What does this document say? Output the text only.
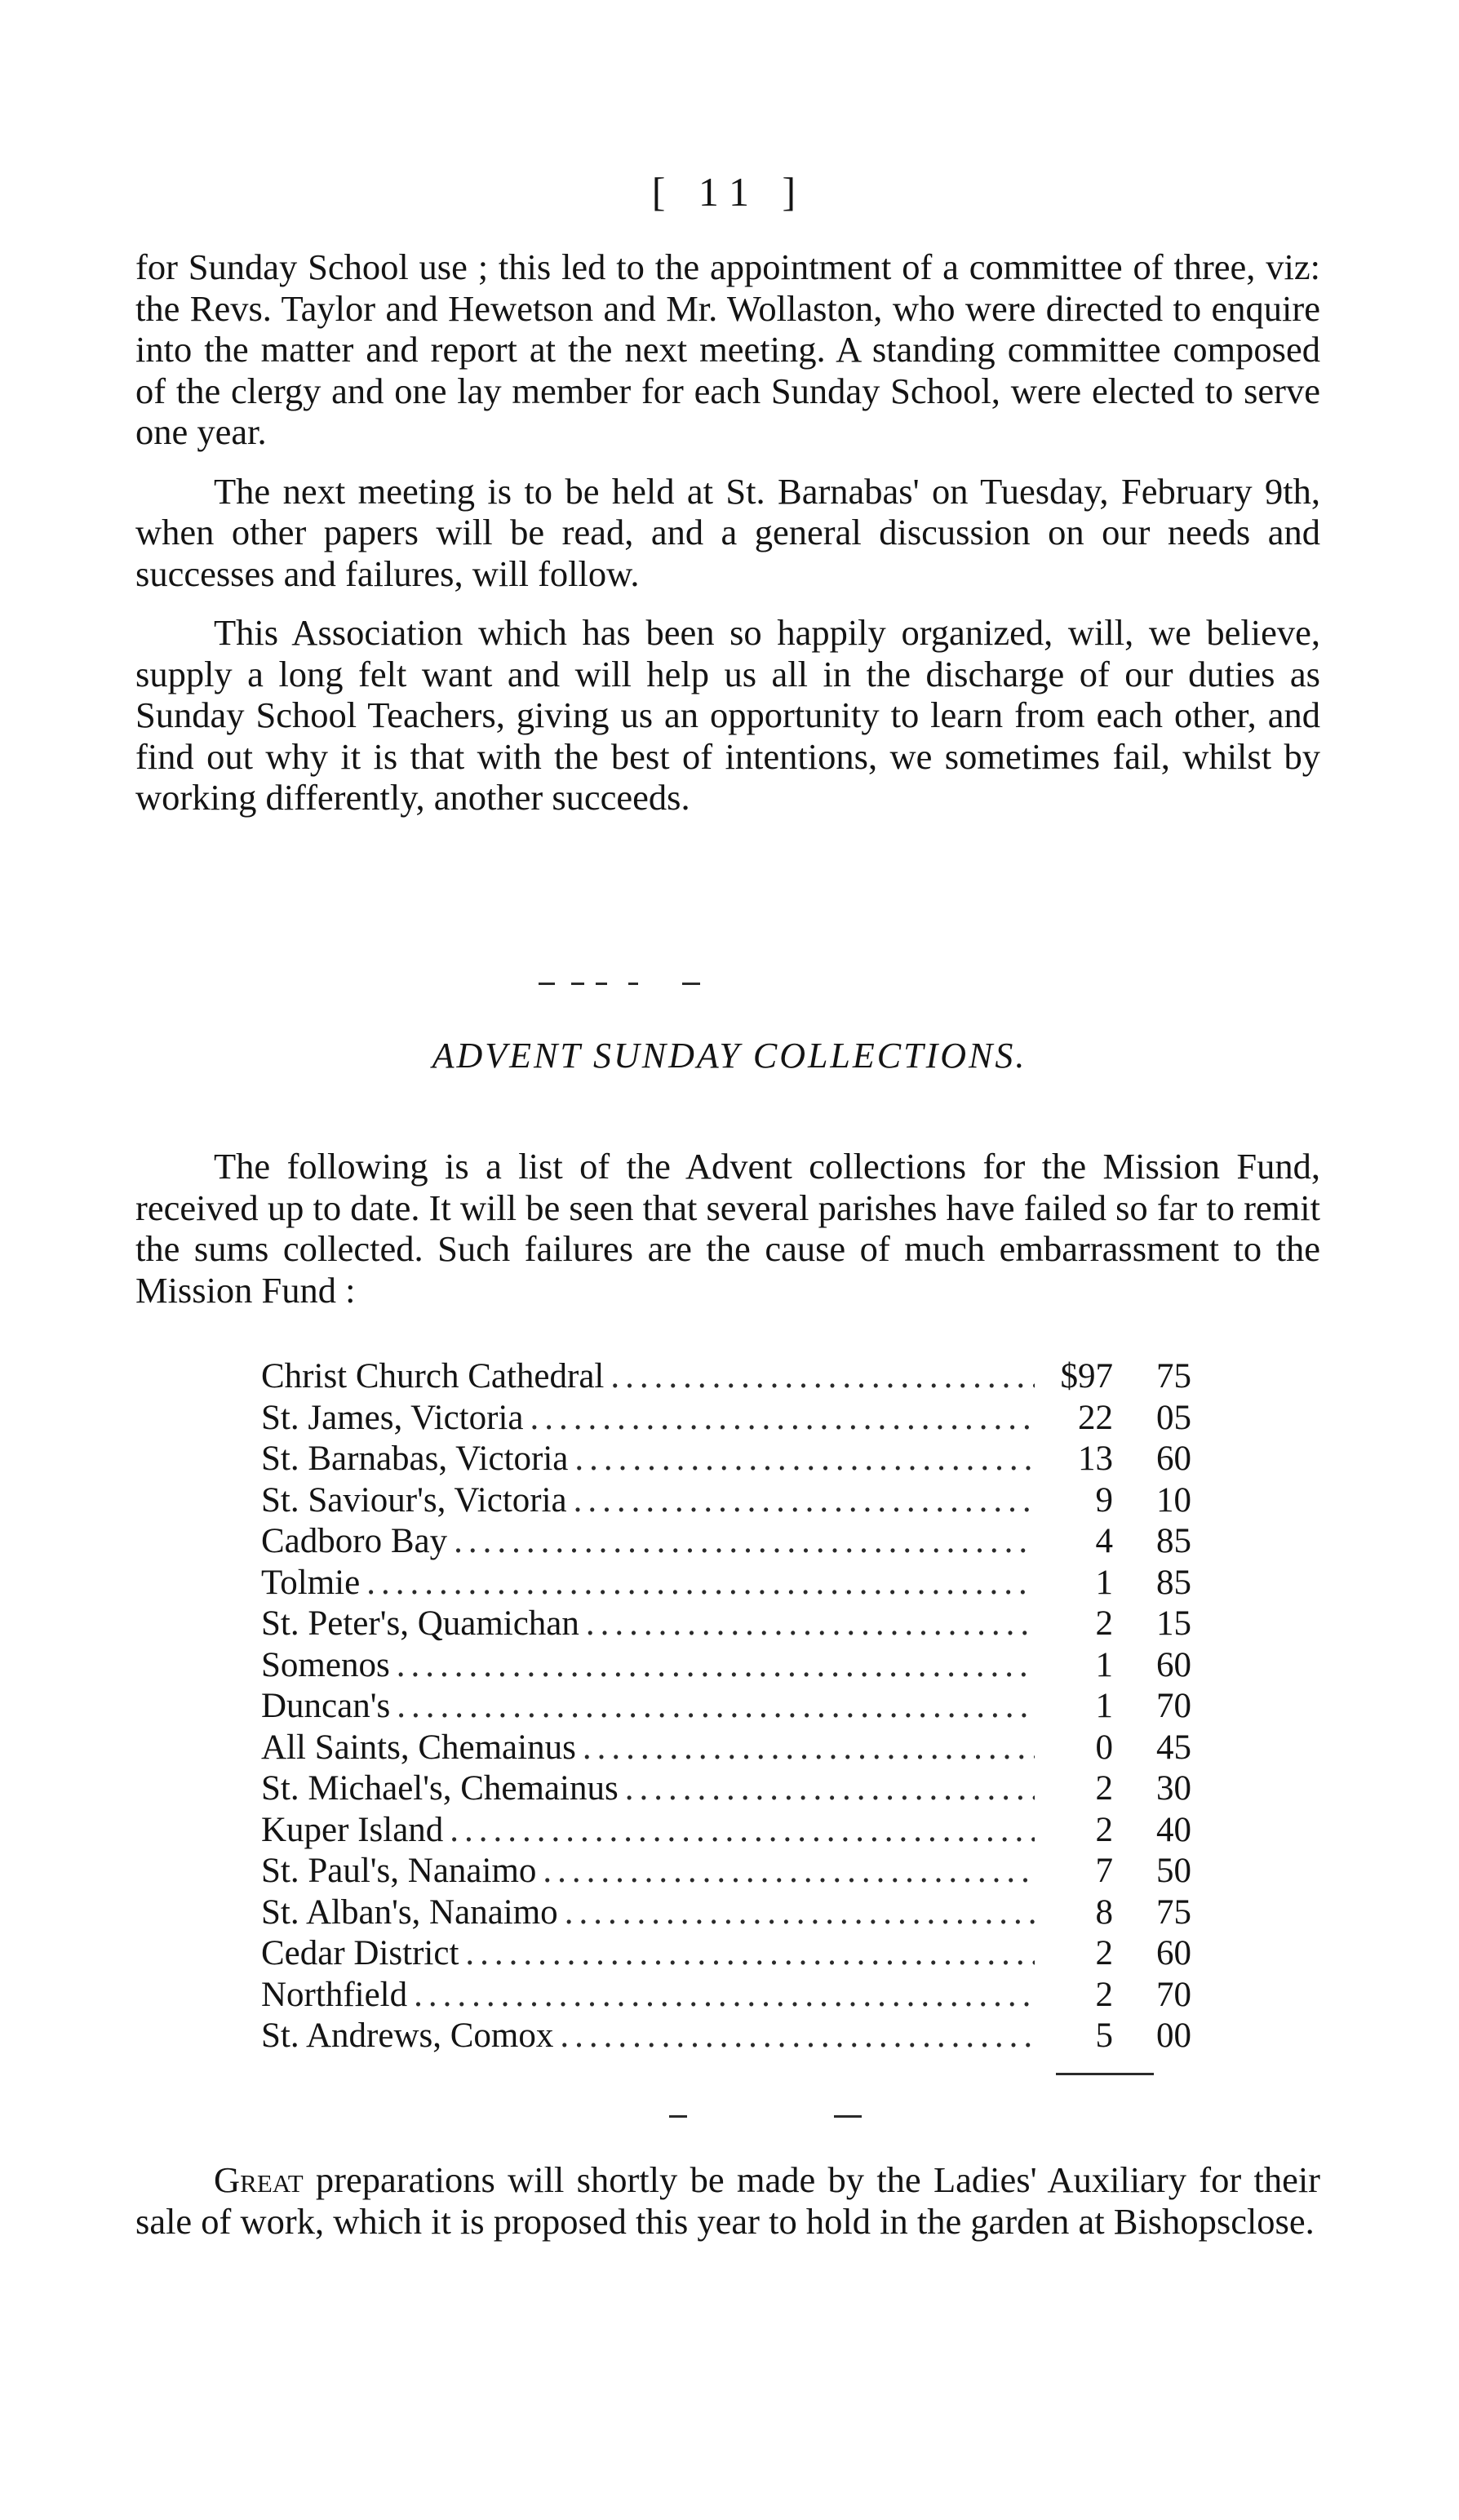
[ 11 ]

for Sunday School use ; this led to the appointment of a committee of three, viz: the Revs. Taylor and Hewetson and Mr. Wollaston, who were directed to enquire into the matter and report at the next meeting. A standing committee composed of the clergy and one lay member for each Sunday School, were elected to serve one year.

The next meeting is to be held at St. Barnabas' on Tuesday, February 9th, when other papers will be read, and a general discussion on our needs and successes and failures, will follow.

This Association which has been so happily organized, will, we believe, supply a long felt want and will help us all in the discharge of our duties as Sunday School Teachers, giving us an opportunity to learn from each other, and find out why it is that with the best of intentions, we sometimes fail, whilst by working differently, another succeeds.

ADVENT SUNDAY COLLECTIONS.

The following is a list of the Advent collections for the Mission Fund, received up to date. It will be seen that several parishes have failed so far to remit the sums collected. Such failures are the cause of much embarrassment to the Mission Fund :

Christ Church Cathedral .....	$97	75
St. James, Victoria .....	22	05
St. Barnabas, Victoria .....	13	60
St. Saviour's, Victoria .....	9	10
Cadboro Bay .....	4	85
Tolmie .....	1	85
St. Peter's, Quamichan .....	2	15
Somenos .....	1	60
Duncan's .....	1	70
All Saints, Chemainus .....	0	45
St. Michael's, Chemainus .....	2	30
Kuper Island .....	2	40
St. Paul's, Nanaimo .....	7	50
St. Alban's, Nanaimo .....	8	75
Cedar District .....	2	60
Northfield .....	2	70
St. Andrews, Comox .....	5	00

Great preparations will shortly be made by the Ladies' Auxiliary for their sale of work, which it is proposed this year to hold in the garden at Bishopsclose.
